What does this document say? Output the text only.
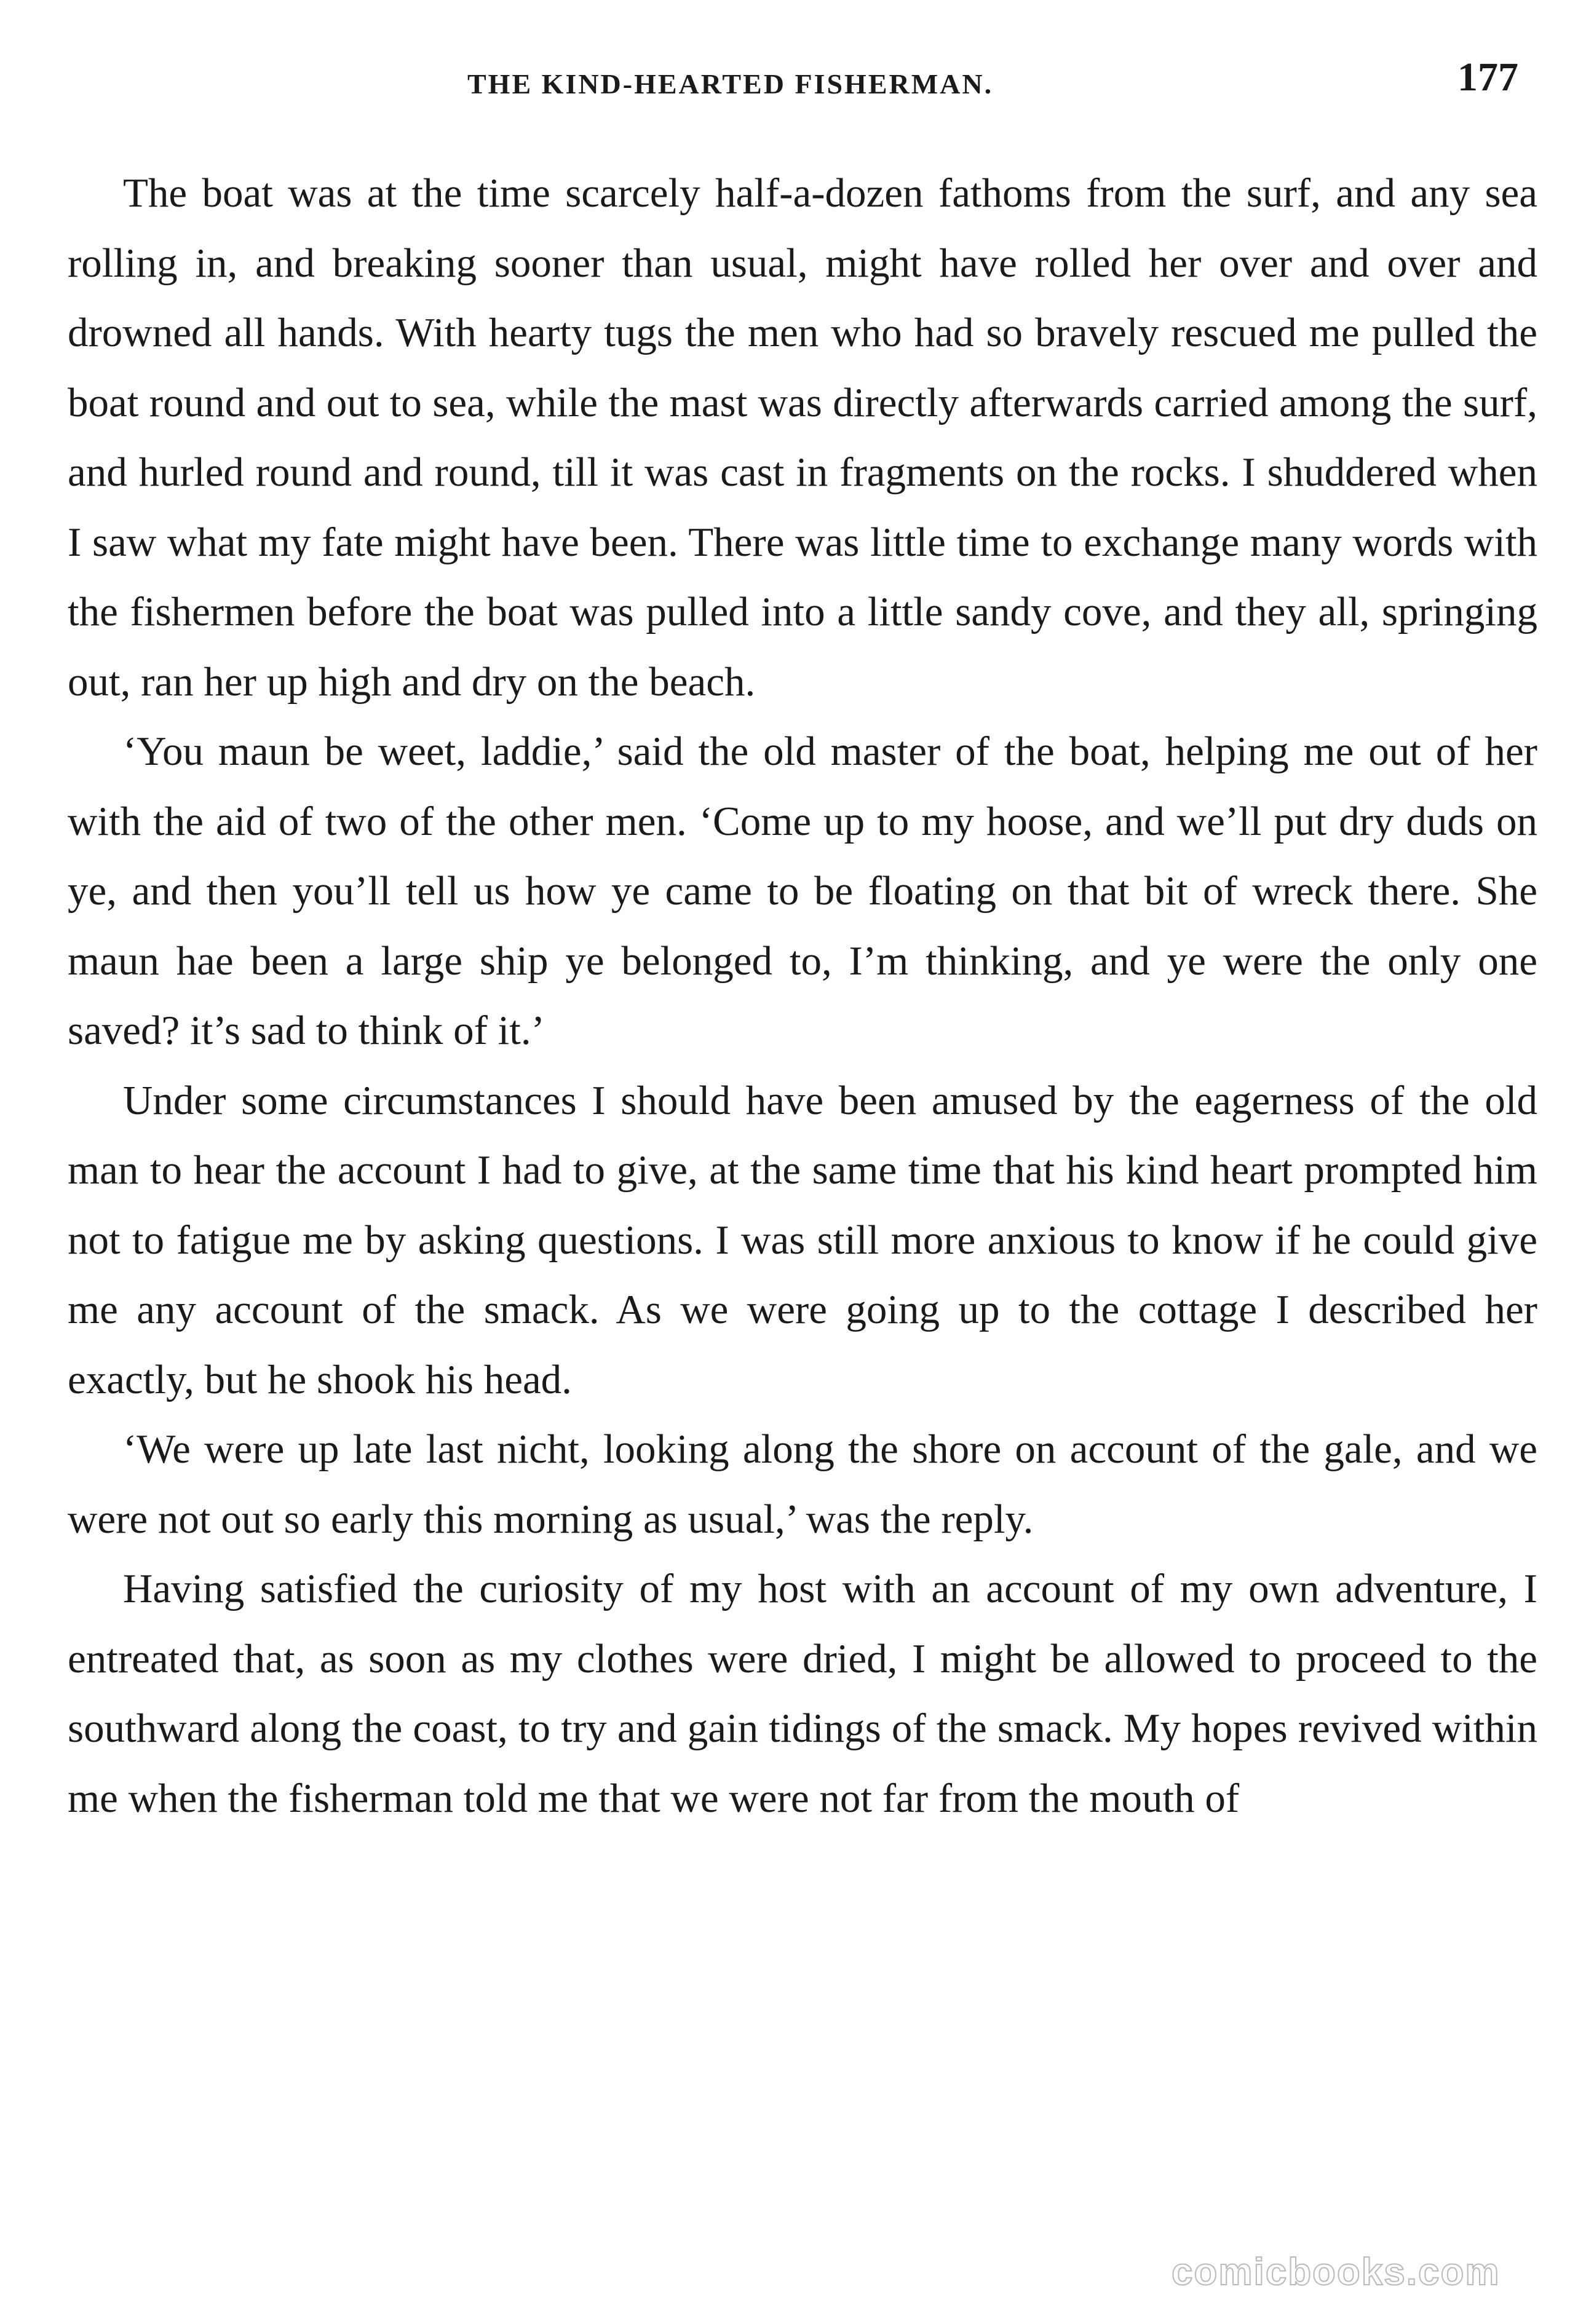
THE KIND-HEARTED FISHERMAN.	177

The boat was at the time scarcely half-a-dozen fathoms from the surf, and any sea rolling in, and breaking sooner than usual, might have rolled her over and over and drowned all hands. With hearty tugs the men who had so bravely rescued me pulled the boat round and out to sea, while the mast was directly afterwards carried among the surf, and hurled round and round, till it was cast in fragments on the rocks. I shuddered when I saw what my fate might have been. There was little time to exchange many words with the fishermen before the boat was pulled into a little sandy cove, and they all, springing out, ran her up high and dry on the beach.

‘You maun be weet, laddie,’ said the old master of the boat, helping me out of her with the aid of two of the other men. ‘Come up to my hoose, and we’ll put dry duds on ye, and then you’ll tell us how ye came to be floating on that bit of wreck there. She maun hae been a large ship ye belonged to, I’m thinking, and ye were the only one saved? it’s sad to think of it.’

Under some circumstances I should have been amused by the eagerness of the old man to hear the account I had to give, at the same time that his kind heart prompted him not to fatigue me by asking questions. I was still more anxious to know if he could give me any account of the smack. As we were going up to the cottage I described her exactly, but he shook his head.

‘We were up late last nicht, looking along the shore on account of the gale, and we were not out so early this morning as usual,’ was the reply.

Having satisfied the curiosity of my host with an account of my own adventure, I entreated that, as soon as my clothes were dried, I might be allowed to proceed to the southward along the coast, to try and gain tidings of the smack. My hopes revived within me when the fisherman told me that we were not far from the mouth of

comicbooks.com
